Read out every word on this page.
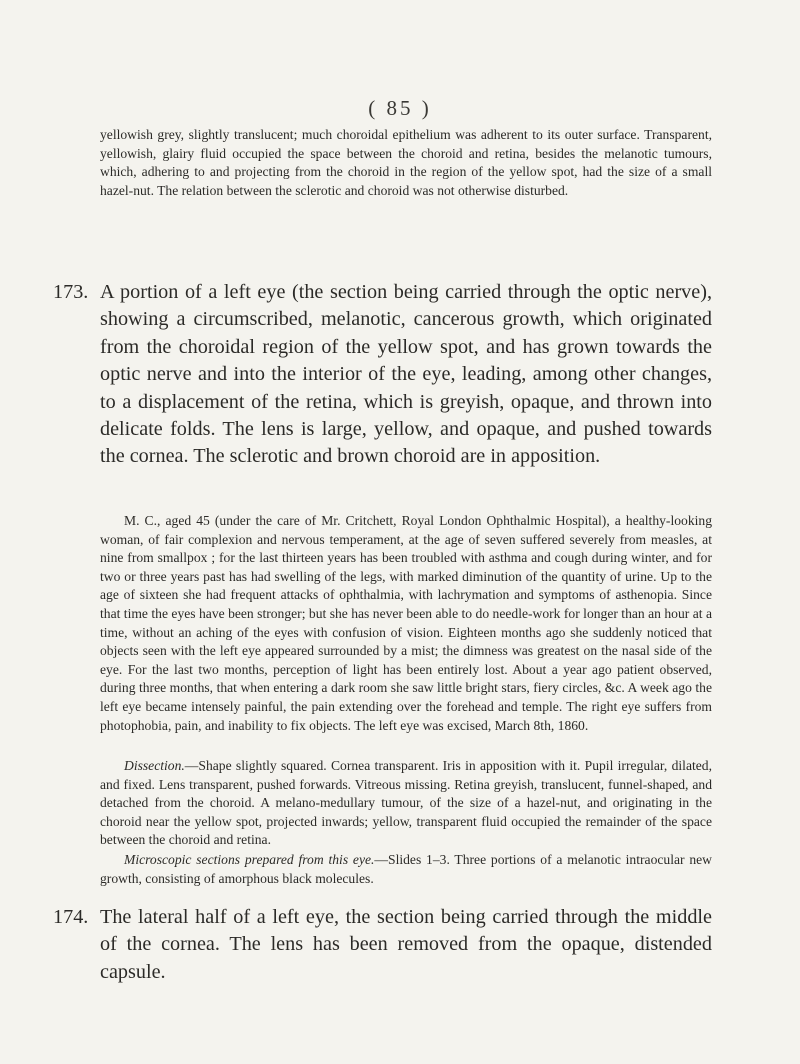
( 85 )

yellowish grey, slightly translucent; much choroidal epithelium was adherent to its outer surface. Transparent, yellowish, glairy fluid occupied the space between the choroid and retina, besides the melanotic tumours, which, adhering to and projecting from the choroid in the region of the yellow spot, had the size of a small hazel-nut. The relation between the sclerotic and choroid was not otherwise disturbed.

173. A portion of a left eye (the section being carried through the optic nerve), showing a circumscribed, melanotic, cancerous growth, which originated from the choroidal region of the yellow spot, and has grown towards the optic nerve and into the interior of the eye, leading, among other changes, to a displacement of the retina, which is greyish, opaque, and thrown into delicate folds. The lens is large, yellow, and opaque, and pushed towards the cornea. The sclerotic and brown choroid are in apposition.

M. C., aged 45 (under the care of Mr. Critchett, Royal London Ophthalmic Hospital), a healthy-looking woman, of fair complexion and nervous temperament, at the age of seven suffered severely from measles, at nine from smallpox ; for the last thirteen years has been troubled with asthma and cough during winter, and for two or three years past has had swelling of the legs, with marked diminution of the quantity of urine. Up to the age of sixteen she had frequent attacks of ophthalmia, with lachrymation and symptoms of asthenopia. Since that time the eyes have been stronger; but she has never been able to do needle-work for longer than an hour at a time, without an aching of the eyes with confusion of vision. Eighteen months ago she suddenly noticed that objects seen with the left eye appeared surrounded by a mist; the dimness was greatest on the nasal side of the eye. For the last two months, perception of light has been entirely lost. About a year ago patient observed, during three months, that when entering a dark room she saw little bright stars, fiery circles, &c. A week ago the left eye became intensely painful, the pain extending over the forehead and temple. The right eye suffers from photophobia, pain, and inability to fix objects. The left eye was excised, March 8th, 1860.

Dissection.—Shape slightly squared. Cornea transparent. Iris in apposition with it. Pupil irregular, dilated, and fixed. Lens transparent, pushed forwards. Vitreous missing. Retina greyish, translucent, funnel-shaped, and detached from the choroid. A melano-medullary tumour, of the size of a hazel-nut, and originating in the choroid near the yellow spot, projected inwards; yellow, transparent fluid occupied the remainder of the space between the choroid and retina.

Microscopic sections prepared from this eye.—Slides 1–3. Three portions of a melanotic intraocular new growth, consisting of amorphous black molecules.

174. The lateral half of a left eye, the section being carried through the middle of the cornea. The lens has been removed from the opaque, distended capsule.
